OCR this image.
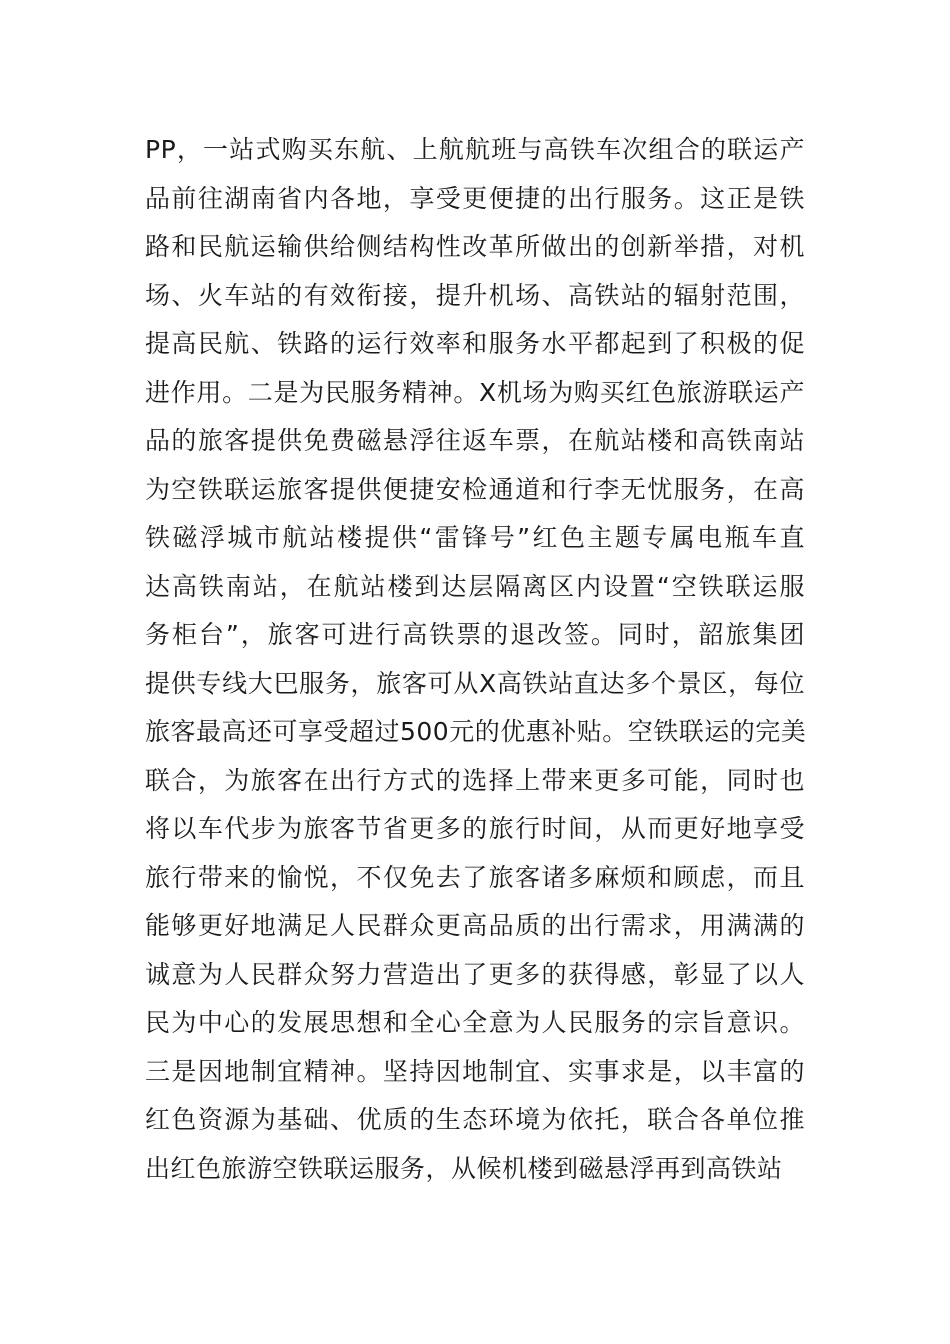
PP，一站式购买东航、上航航班与高铁车次组合的联运产
品前往湖南省内各地，享受更便捷的出行服务。这正是铁
路和民航运输供给侧结构性改革所做出的创新举措，对机
场、火车站的有效衔接，提升机场、高铁站的辐射范围，
提高民航、铁路的运行效率和服务水平都起到了积极的促
进作用。二是为民服务精神。X机场为购买红色旅游联运产
品的旅客提供免费磁悬浮往返车票，在航站楼和高铁南站
为空铁联运旅客提供便捷安检通道和行李无忧服务，在高
铁磁浮城市航站楼提供“雷锋号”红色主题专属电瓶车直
达高铁南站，在航站楼到达层隔离区内设置“空铁联运服
务柜台”，旅客可进行高铁票的退改签。同时，韶旅集团
提供专线大巴服务，旅客可从X高铁站直达多个景区，每位
旅客最高还可享受超过500元的优惠补贴。空铁联运的完美
联合，为旅客在出行方式的选择上带来更多可能，同时也
将以车代步为旅客节省更多的旅行时间，从而更好地享受
旅行带来的愉悦，不仅免去了旅客诸多麻烦和顾虑，而且
能够更好地满足人民群众更高品质的出行需求，用满满的
诚意为人民群众努力营造出了更多的获得感，彰显了以人
民为中心的发展思想和全心全意为人民服务的宗旨意识。
三是因地制宜精神。坚持因地制宜、实事求是，以丰富的
红色资源为基础、优质的生态环境为依托，联合各单位推
出红色旅游空铁联运服务，从候机楼到磁悬浮再到高铁站
